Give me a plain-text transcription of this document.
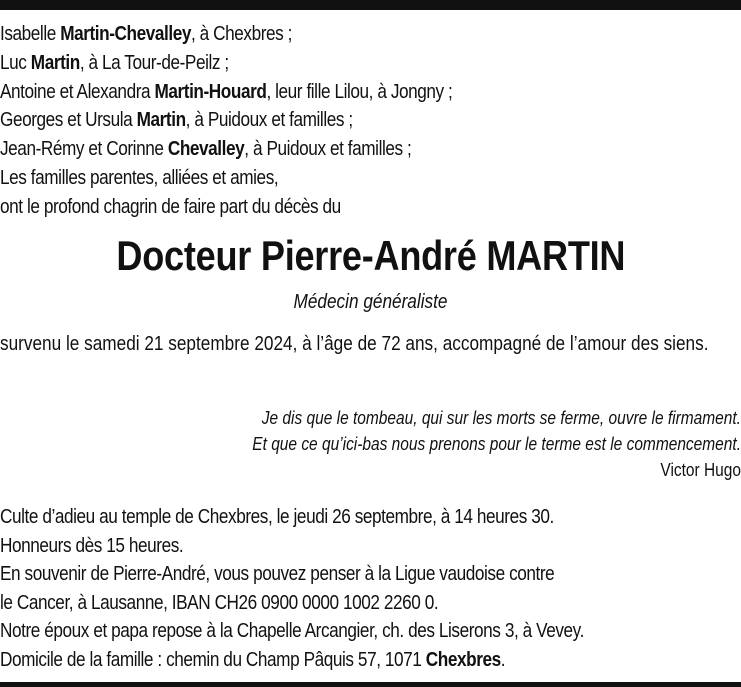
Isabelle Martin-Chevalley, à Chexbres ;
Luc Martin, à La Tour-de-Peilz ;
Antoine et Alexandra Martin-Houard, leur fille Lilou, à Jongny ;
Georges et Ursula Martin, à Puidoux et familles ;
Jean-Rémy et Corinne Chevalley, à Puidoux et familles ;
Les familles parentes, alliées et amies,
ont le profond chagrin de faire part du décès du
Docteur Pierre-André MARTIN
Médecin généraliste
survenu le samedi 21 septembre 2024, à l’âge de 72 ans, accompagné de l’amour des siens.
Je dis que le tombeau, qui sur les morts se ferme, ouvre le firmament.
Et que ce qu’ici-bas nous prenons pour le terme est le commencement.
Victor Hugo
Culte d’adieu au temple de Chexbres, le jeudi 26 septembre, à 14 heures 30.
Honneurs dès 15 heures.
En souvenir de Pierre-André, vous pouvez penser à la Ligue vaudoise contre
le Cancer, à Lausanne, IBAN CH26 0900 0000 1002 2260 0.
Notre époux et papa repose à la Chapelle Arcangier, ch. des Liserons 3, à Vevey.
Domicile de la famille : chemin du Champ Pâquis 57, 1071 Chexbres.
